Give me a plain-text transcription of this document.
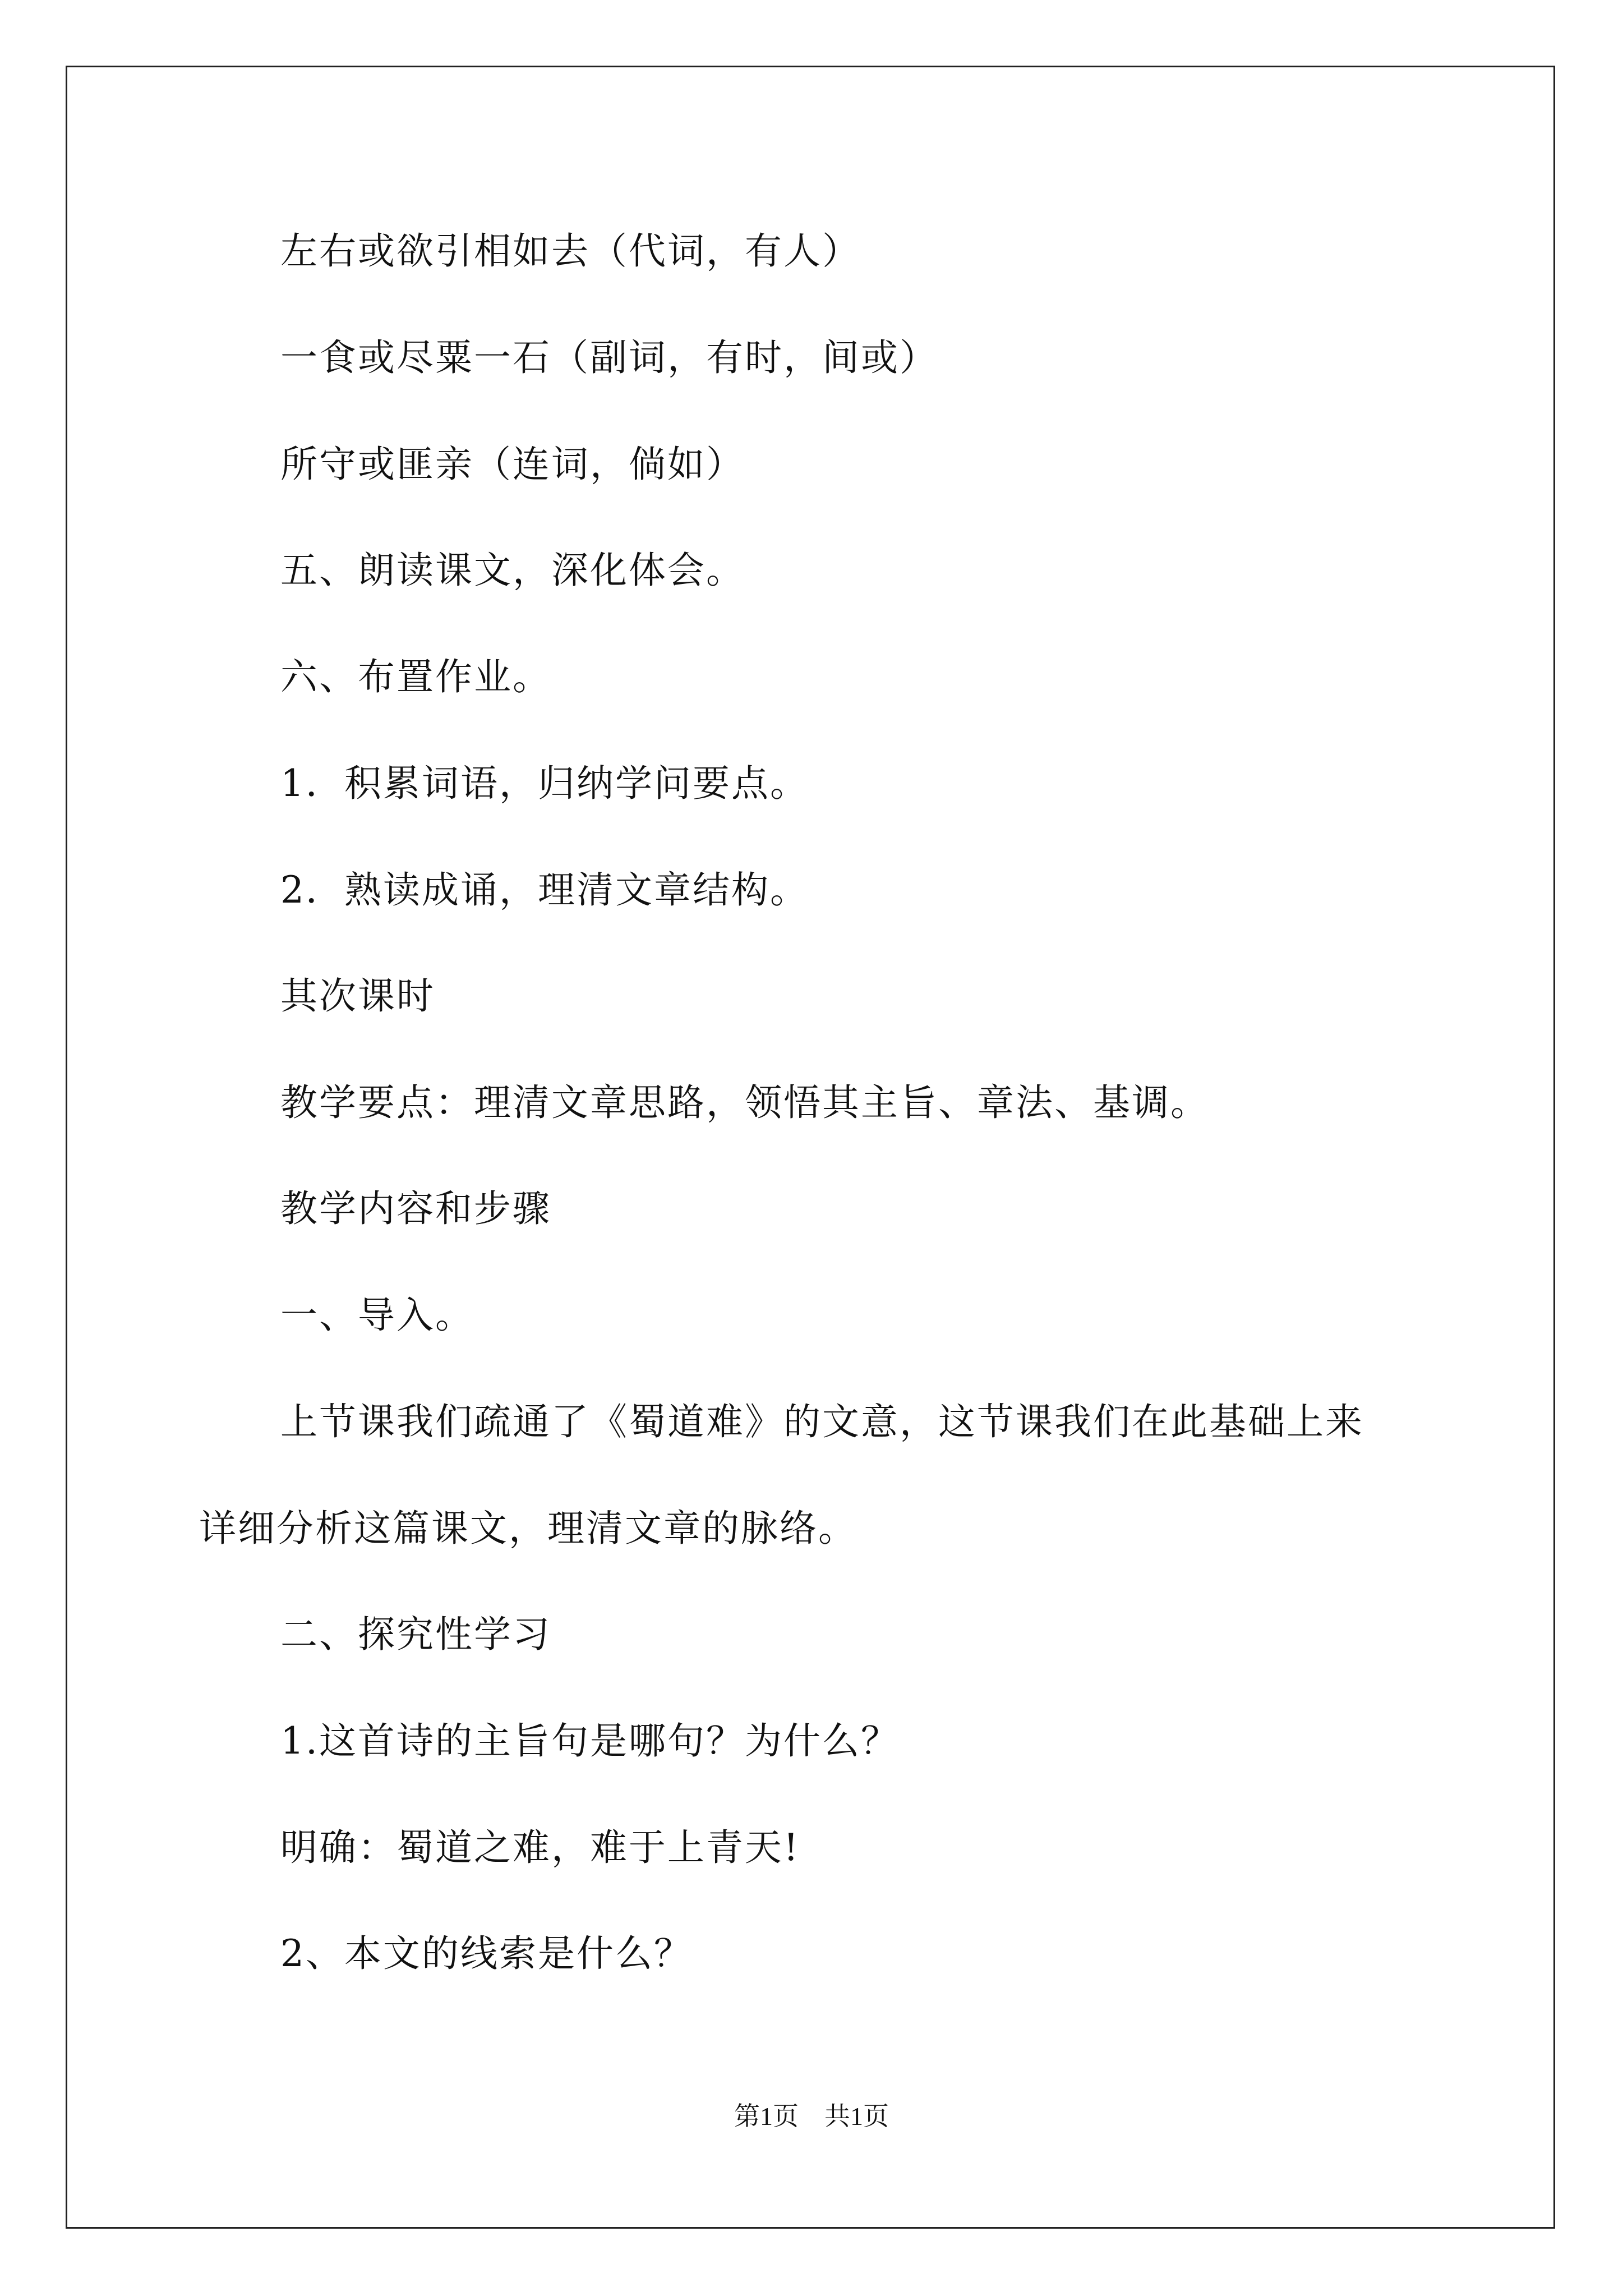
左右或欲引相如去（代词，有人）
一食或尽粟一石（副词，有时，间或）
所守或匪亲（连词，倘如）
五、朗读课文，深化体会。
六、布置作业。
1．积累词语，归纳学问要点。
2．熟读成诵，理清文章结构。
其次课时
教学要点：理清文章思路，领悟其主旨、章法、基调。
教学内容和步骤
一、导入。
上节课我们疏通了《蜀道难》的文意，这节课我们在此基础上来
详细分析这篇课文，理清文章的脉络。
二、探究性学习
1.这首诗的主旨句是哪句？为什么？
明确：蜀道之难，难于上青天!
2、本文的线索是什么？
第1页　共1页
